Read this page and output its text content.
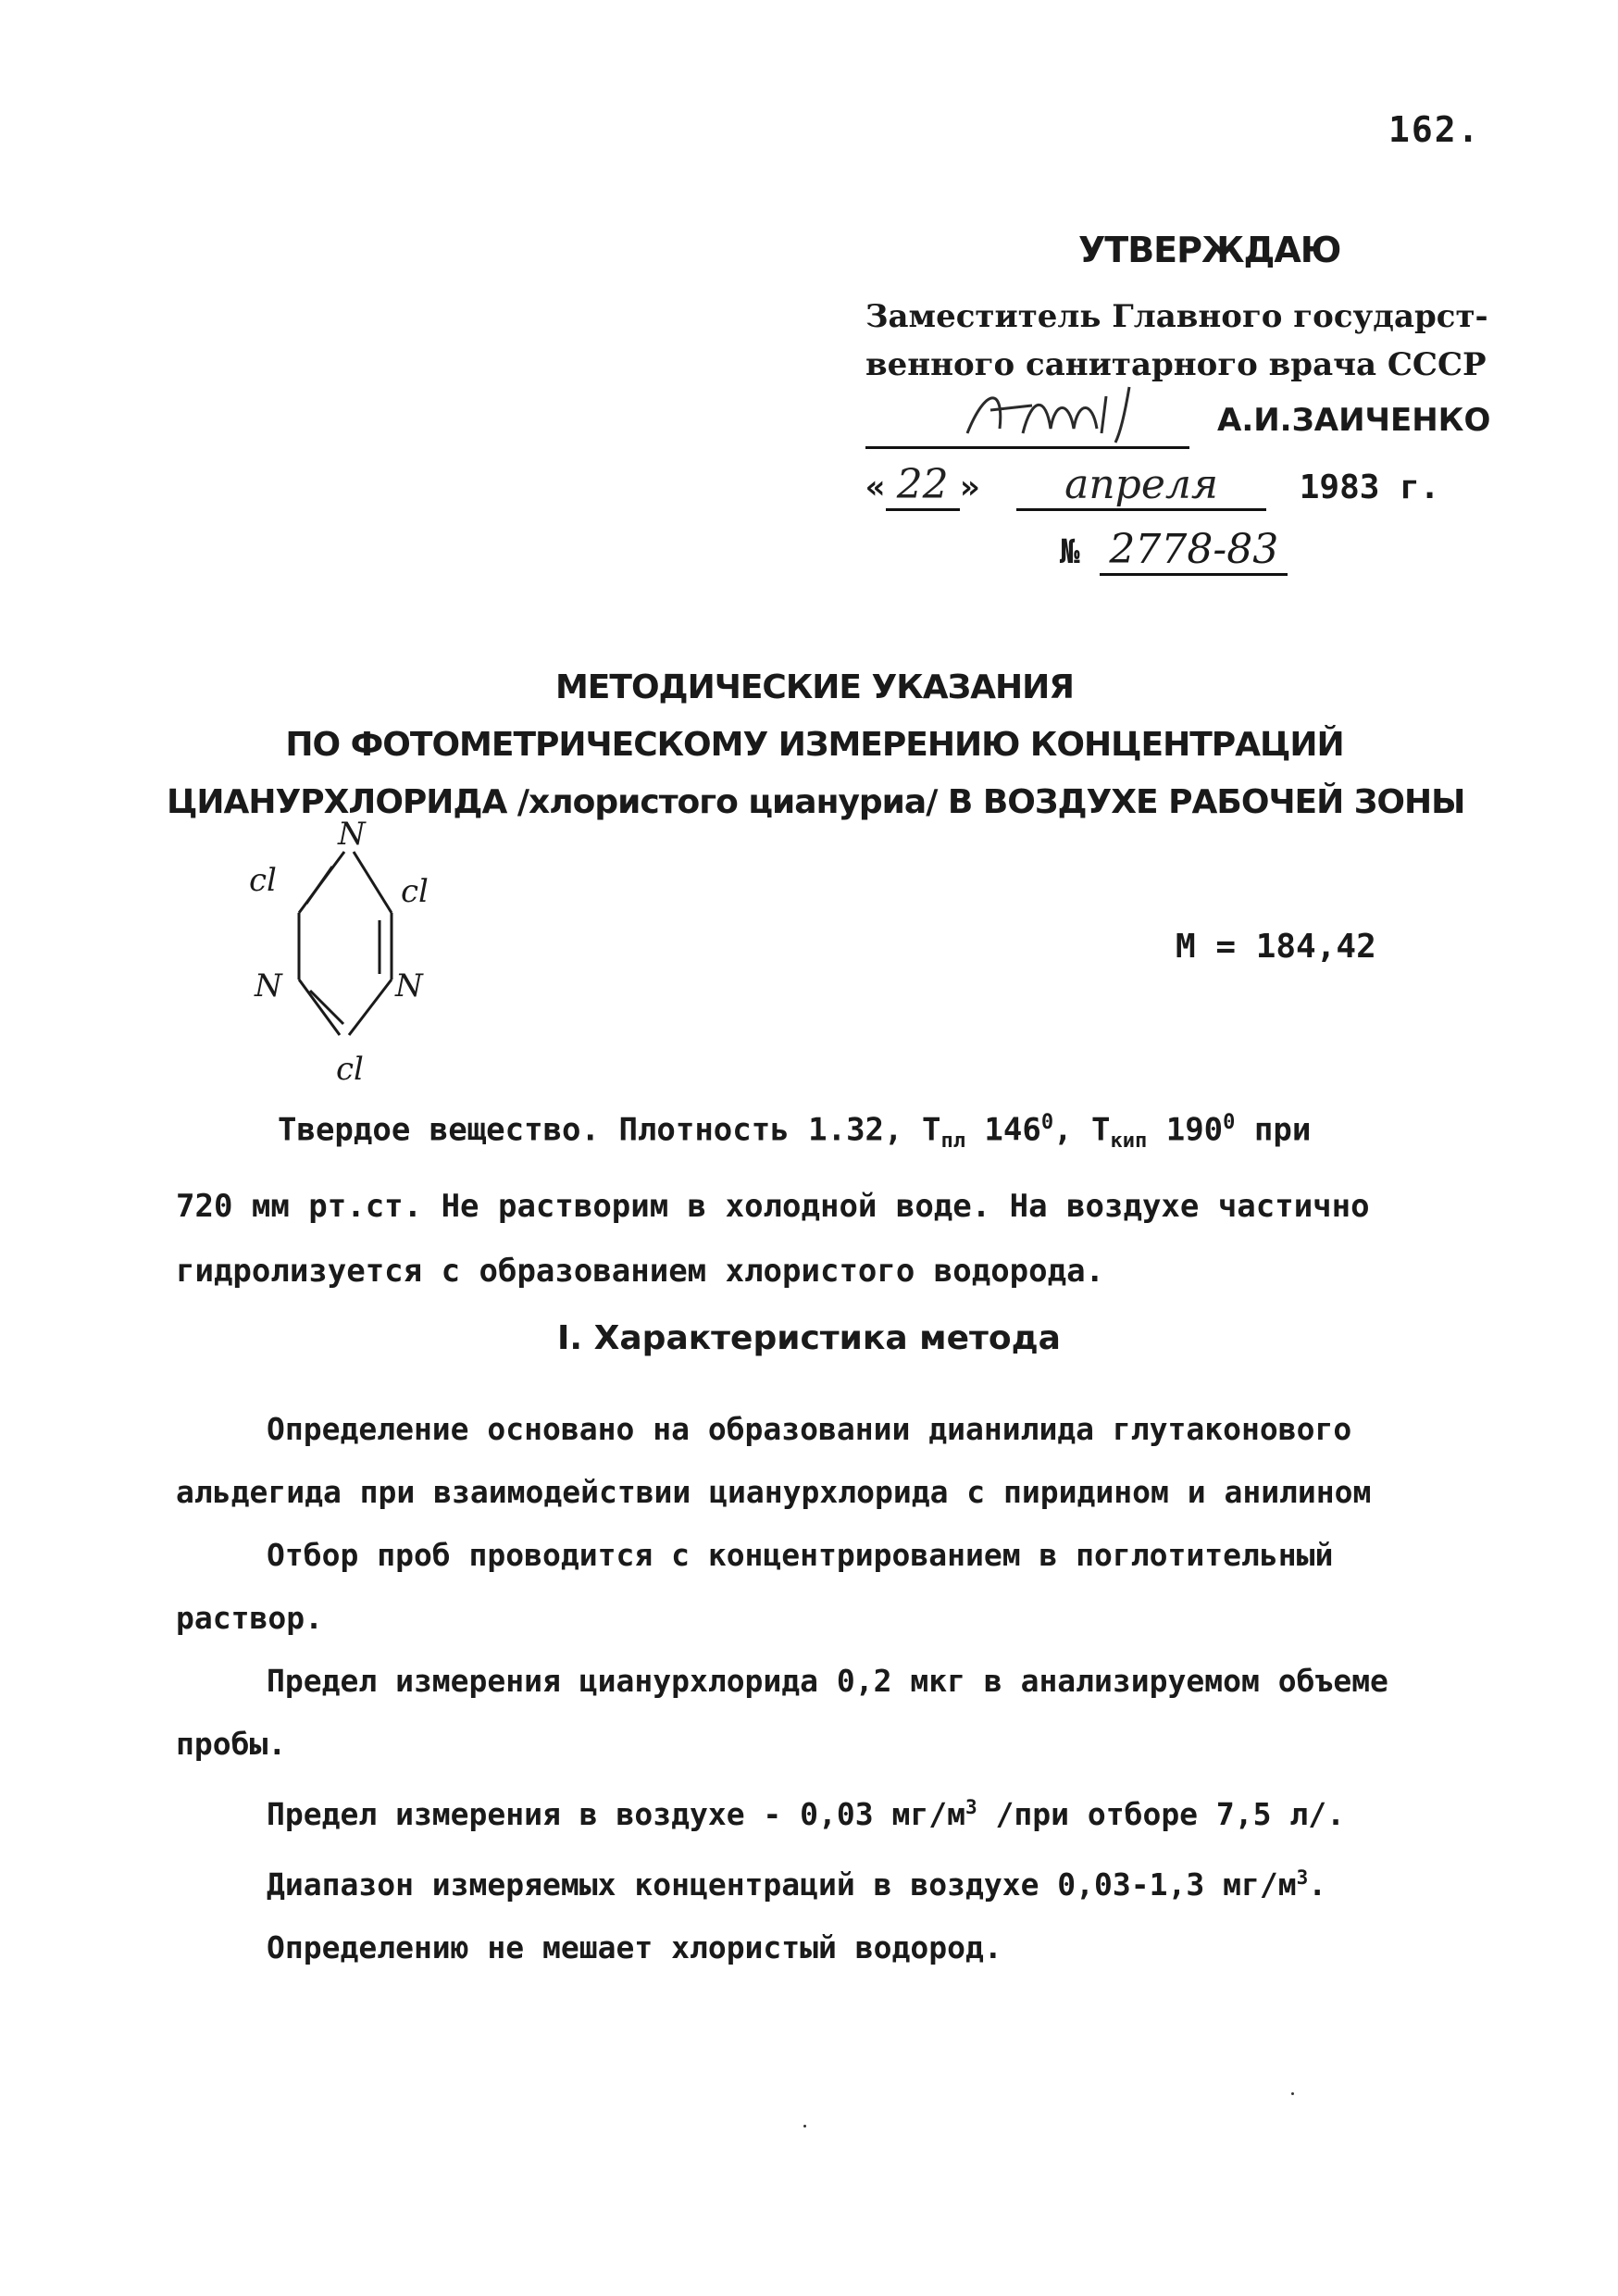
162.
УТВЕРЖДАЮ
Заместитель Главного государст-
венного санитарного врача СССР
А.И.ЗАИЧЕНКО
« 22 » апреля 1983 г.
№ 2778-83
МЕТОДИЧЕСКИЕ УКАЗАНИЯ
ПО ФОТОМЕТРИЧЕСКОМУ ИЗМЕРЕНИЮ КОНЦЕНТРАЦИЙ
ЦИАНУРХЛОРИДА /хлористого циануриа/ В ВОЗДУХЕ РАБОЧЕЙ ЗОНЫ
N
N	N
cl	cl
cl
М = 184,42
Твердое вещество. Плотность 1.32, $Т_{пл}$ $146^0$, $Т_{кип}$ $190^0$ при
720 мм рт.ст. Не растворим в холодной воде. На воздухе частично
гидролизуется с образованием хлористого водорода.
I. Характеристика метода
Определение основано на образовании дианилида глутаконового
альдегида при взаимодействии цианурхлорида с пиридином и анилином
Отбор проб проводится с концентрированием в поглотительный
раствор.
Предел измерения цианурхлорида 0,2 мкг в анализируемом объеме
пробы.
Предел измерения в воздухе - 0,03 $мг/м^3$ /при отборе 7,5 л/.
Диапазон измеряемых концентраций в воздухе 0,03-1,3 $мг/м^3$.
Определению не мешает хлористый водород.
